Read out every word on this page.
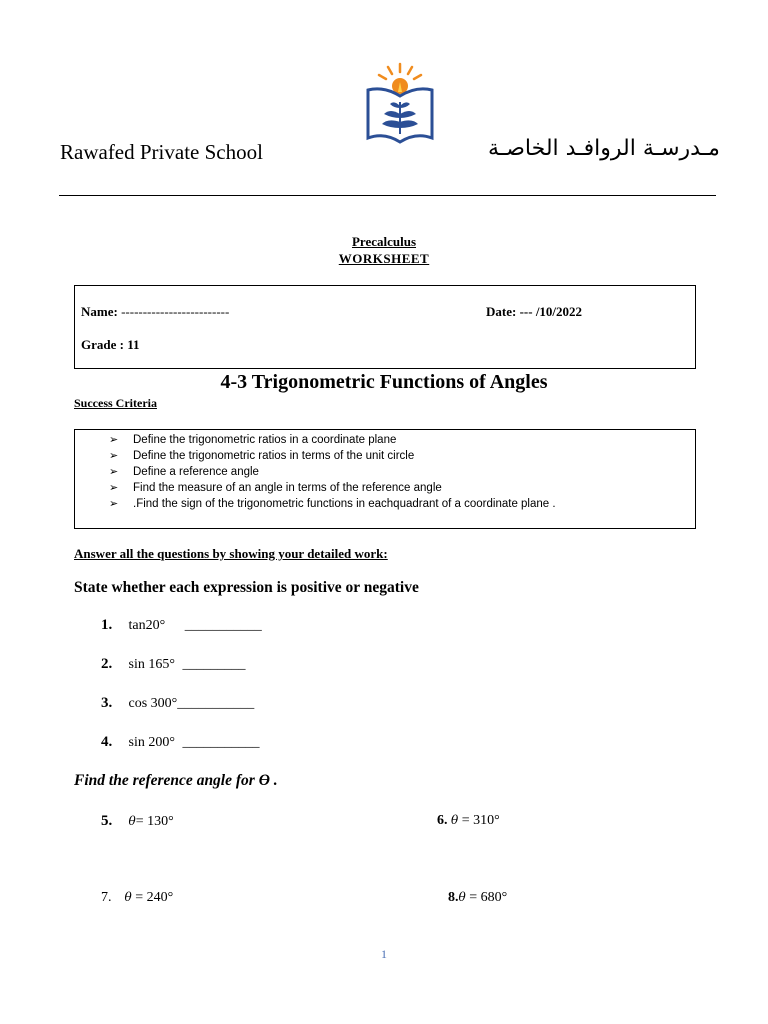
Rawafed Private School	مـدرسـة الروافـد الخاصـة
Precalculus
WORKSHEET
Name: -------------------------	Date: --- /10/2022
Grade : 11
4-3 Trigonometric Functions of Angles
Success Criteria
➢	Define the trigonometric ratios in a coordinate plane
➢	Define the trigonometric ratios in terms of the unit circle
➢	Define a reference angle
➢	Find the measure of an angle in terms of the reference angle
➢	.Find the sign of the trigonometric functions in eachquadrant of a coordinate plane .
Answer all the questions by showing your detailed work:
State whether each expression is positive or negative
1. tan20° ___________
2. sin 165° _________
3. cos 300°___________
4. sin 200° ___________
Find the reference angle for Ɵ .
5. θ= 130°	6. θ = 310°
7. θ = 240°	8.θ = 680°
1
